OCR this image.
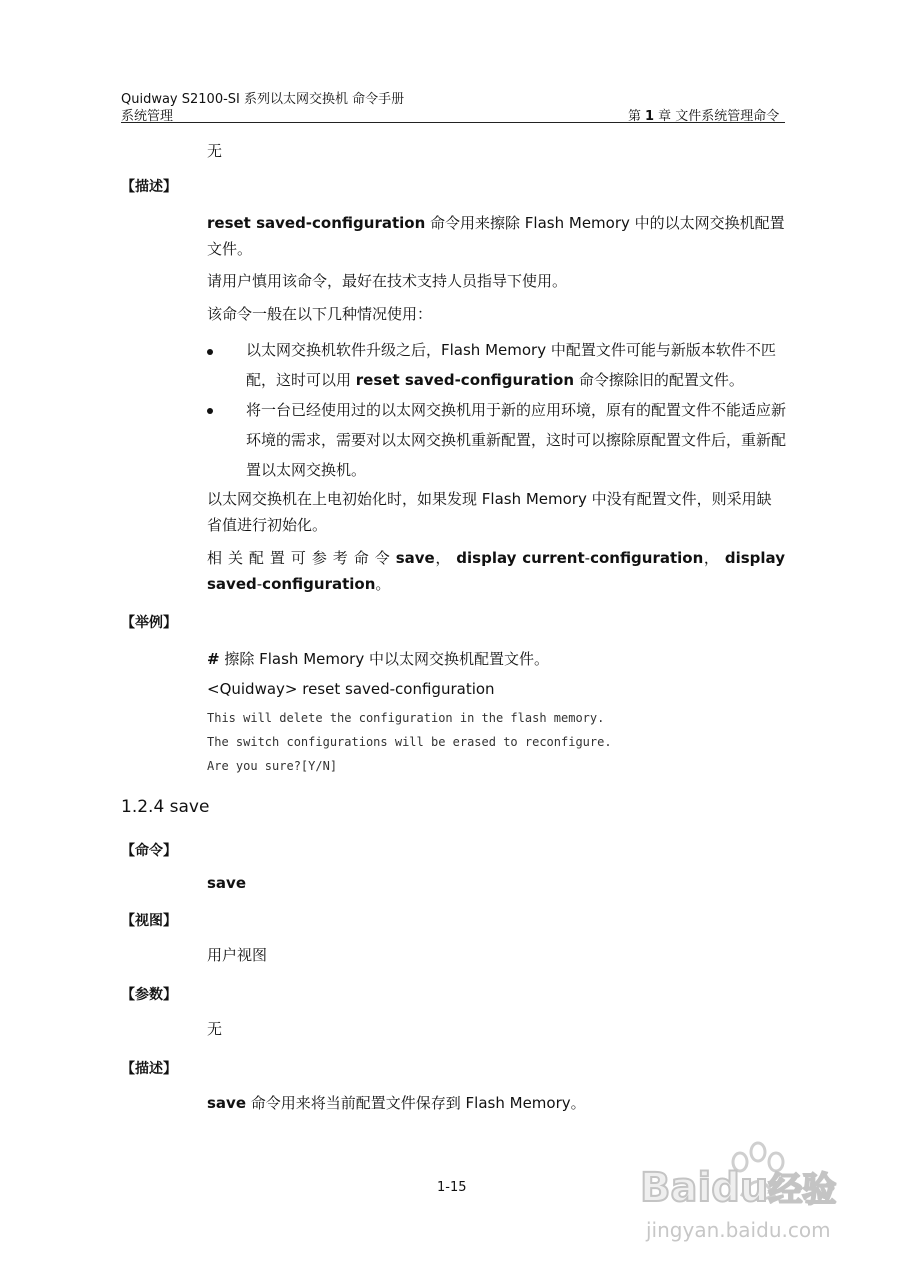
Quidway S2100-SI 系列以太网交换机 命令手册
系统管理	第 1 章 文件系统管理命令
无
【描述】
reset saved-configuration 命令用来擦除 Flash Memory 中的以太网交换机配置文件。
请用户慎用该命令，最好在技术支持人员指导下使用。
该命令一般在以下几种情况使用：
以太网交换机软件升级之后，Flash Memory 中配置文件可能与新版本软件不匹配，这时可以用 reset saved-configuration 命令擦除旧的配置文件。
将一台已经使用过的以太网交换机用于新的应用环境，原有的配置文件不能适应新环境的需求，需要对以太网交换机重新配置，这时可以擦除原配置文件后，重新配置以太网交换机。
以太网交换机在上电初始化时，如果发现 Flash Memory 中没有配置文件，则采用缺省值进行初始化。
相 关 配 置 可 参 考 命 令 save， display current-configuration， display
saved-configuration。
【举例】
# 擦除 Flash Memory 中以太网交换机配置文件。
<Quidway> reset saved-configuration
This will delete the configuration in the flash memory.
The switch configurations will be erased to reconfigure.
Are you sure?[Y/N]
1.2.4 save
【命令】
save
【视图】
用户视图
【参数】
无
【描述】
save 命令用来将当前配置文件保存到 Flash Memory。
1-15	Baidu经验
jingyan.baidu.com
